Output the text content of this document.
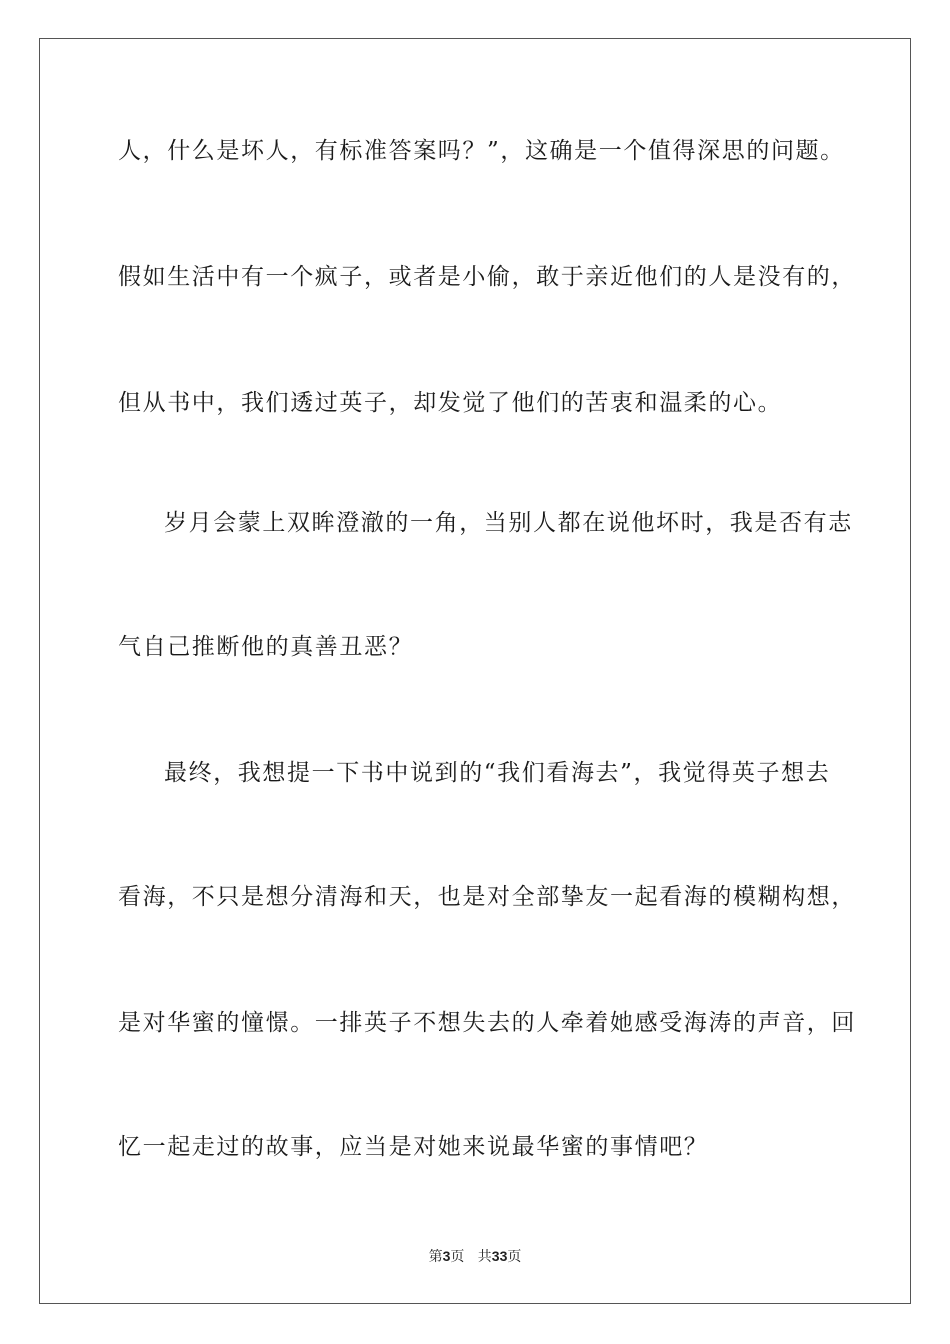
人，什么是坏人，有标准答案吗？”，这确是一个值得深思的问题。
假如生活中有一个疯子，或者是小偷，敢于亲近他们的人是没有的，
但从书中，我们透过英子，却发觉了他们的苦衷和温柔的心。
岁月会蒙上双眸澄澈的一角，当别人都在说他坏时，我是否有志
气自己推断他的真善丑恶？
最终，我想提一下书中说到的“我们看海去”，我觉得英子想去
看海，不只是想分清海和天，也是对全部挚友一起看海的模糊构想，
是对华蜜的憧憬。一排英子不想失去的人牵着她感受海涛的声音，回
忆一起走过的故事，应当是对她来说最华蜜的事情吧？
第3页 共33页
